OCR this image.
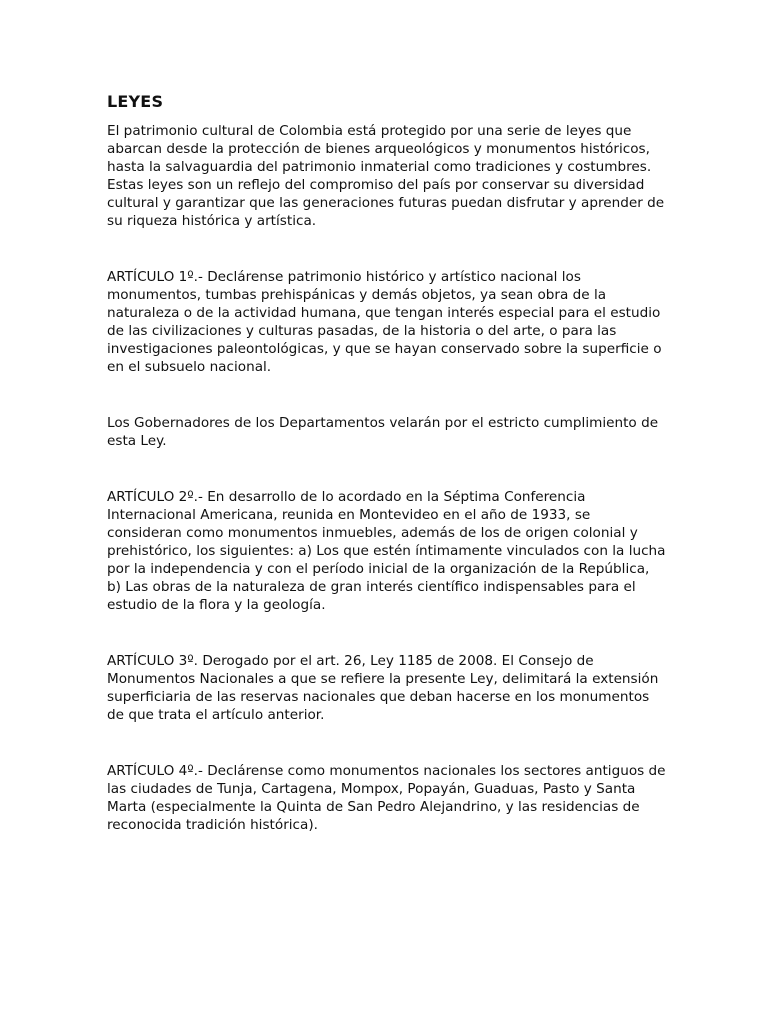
LEYES

El patrimonio cultural de Colombia está protegido por una serie de leyes que abarcan desde la protección de bienes arqueológicos y monumentos históricos, hasta la salvaguardia del patrimonio inmaterial como tradiciones y costumbres. Estas leyes son un reflejo del compromiso del país por conservar su diversidad cultural y garantizar que las generaciones futuras puedan disfrutar y aprender de su riqueza histórica y artística.

ARTÍCULO 1º.- Declárense patrimonio histórico y artístico nacional los monumentos, tumbas prehispánicas y demás objetos, ya sean obra de la naturaleza o de la actividad humana, que tengan interés especial para el estudio de las civilizaciones y culturas pasadas, de la historia o del arte, o para las investigaciones paleontológicas, y que se hayan conservado sobre la superficie o en el subsuelo nacional.

Los Gobernadores de los Departamentos velarán por el estricto cumplimiento de esta Ley.

ARTÍCULO 2º.- En desarrollo de lo acordado en la Séptima Conferencia Internacional Americana, reunida en Montevideo en el año de 1933, se consideran como monumentos inmuebles, además de los de origen colonial y prehistórico, los siguientes: a) Los que estén íntimamente vinculados con la lucha por la independencia y con el período inicial de la organización de la República, b) Las obras de la naturaleza de gran interés científico indispensables para el estudio de la flora y la geología.

ARTÍCULO 3º. Derogado por el art. 26, Ley 1185 de 2008. El Consejo de Monumentos Nacionales a que se refiere la presente Ley, delimitará la extensión superficiaria de las reservas nacionales que deban hacerse en los monumentos de que trata el artículo anterior.

ARTÍCULO 4º.- Declárense como monumentos nacionales los sectores antiguos de las ciudades de Tunja, Cartagena, Mompox, Popayán, Guaduas, Pasto y Santa Marta (especialmente la Quinta de San Pedro Alejandrino, y las residencias de reconocida tradición histórica).
